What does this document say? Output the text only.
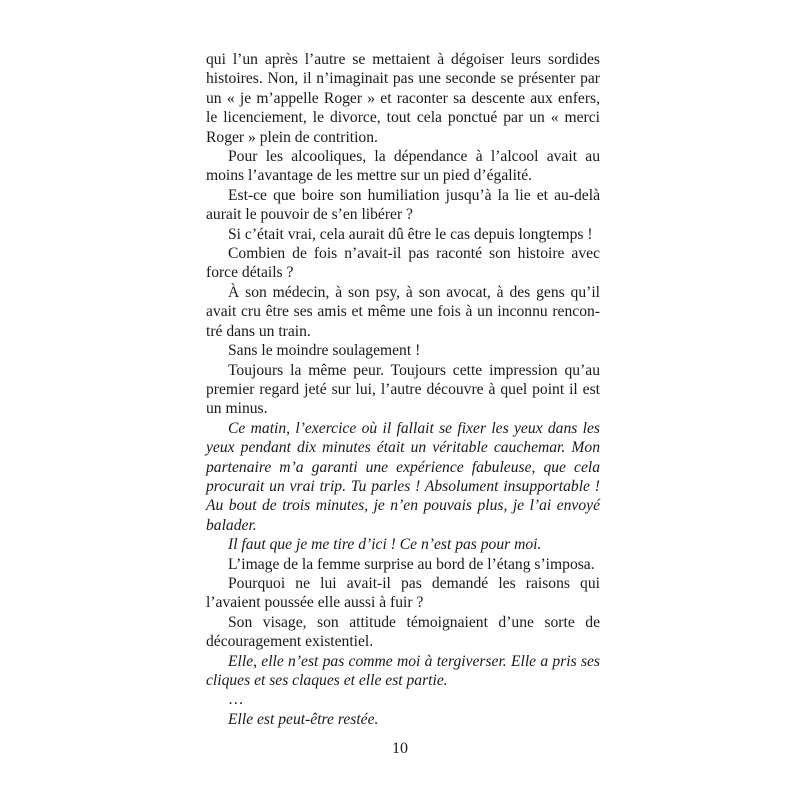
qui l’un après l’autre se mettaient à dégoiser leurs sordides histoires. Non, il n’imaginait pas une seconde se présenter par un « je m’appelle Roger » et raconter sa descente aux enfers, le licenciement, le divorce, tout cela ponctué par un « merci Roger » plein de contrition.

Pour les alcooliques, la dépendance à l’alcool avait au moins l’avantage de les mettre sur un pied d’égalité.

Est-ce que boire son humiliation jusqu’à la lie et au-delà aurait le pouvoir de s’en libérer ?

Si c’était vrai, cela aurait dû être le cas depuis longtemps !

Combien de fois n’avait-il pas raconté son histoire avec force détails ?

À son médecin, à son psy, à son avocat, à des gens qu’il avait cru être ses amis et même une fois à un inconnu rencontré dans un train.

Sans le moindre soulagement !

Toujours la même peur. Toujours cette impression qu’au premier regard jeté sur lui, l’autre découvre à quel point il est un minus.

Ce matin, l’exercice où il fallait se fixer les yeux dans les yeux pendant dix minutes était un véritable cauchemar. Mon partenaire m’a garanti une expérience fabuleuse, que cela procurait un vrai trip. Tu parles ! Absolument insupportable ! Au bout de trois minutes, je n’en pouvais plus, je l’ai envoyé balader.

Il faut que je me tire d’ici ! Ce n’est pas pour moi.

L’image de la femme surprise au bord de l’étang s’imposa.

Pourquoi ne lui avait-il pas demandé les raisons qui l’avaient poussée elle aussi à fuir ?

Son visage, son attitude témoignaient d’une sorte de découragement existentiel.

Elle, elle n’est pas comme moi à tergiverser. Elle a pris ses cliques et ses claques et elle est partie.

…

Elle est peut-être restée.

10
